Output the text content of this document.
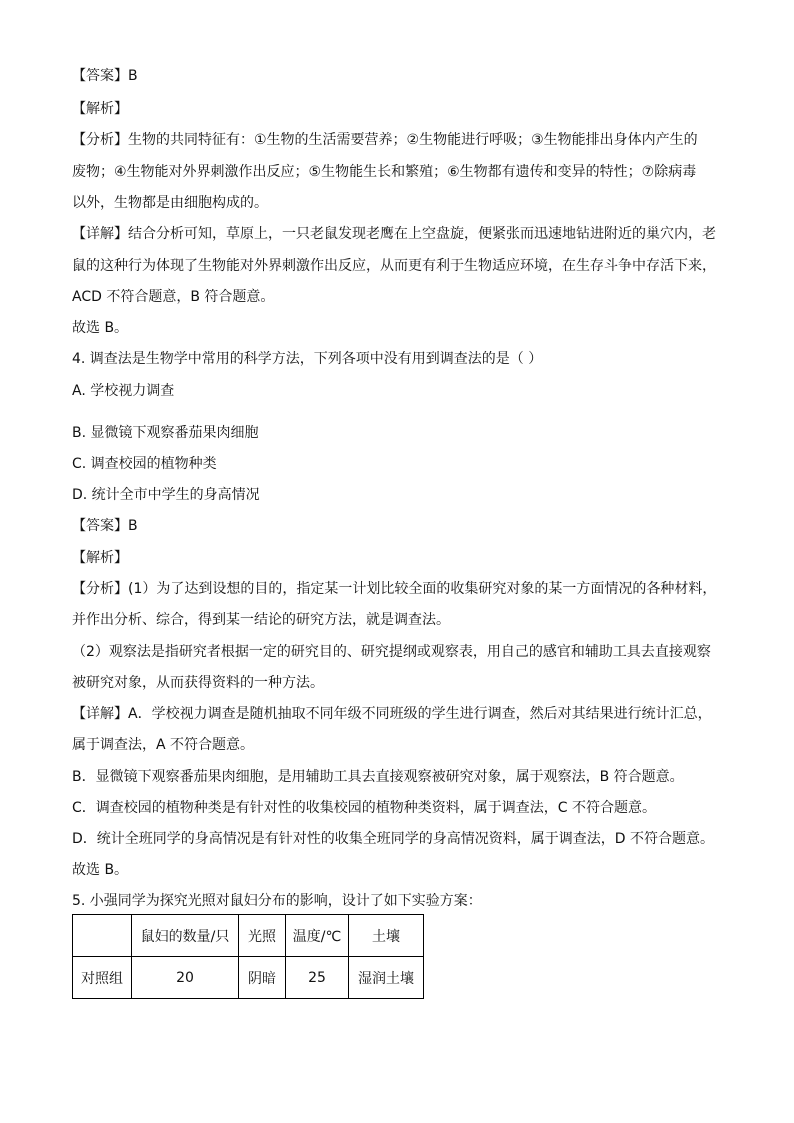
【答案】B
【解析】
【分析】生物的共同特征有：①生物的生活需要营养；②生物能进行呼吸；③生物能排出身体内产生的
废物；④生物能对外界刺激作出反应；⑤生物能生长和繁殖；⑥生物都有遗传和变异的特性；⑦除病毒
以外，生物都是由细胞构成的。
【详解】结合分析可知，草原上，一只老鼠发现老鹰在上空盘旋，便紧张而迅速地钻进附近的巢穴内，老
鼠的这种行为体现了生物能对外界刺激作出反应，从而更有利于生物适应环境，在生存斗争中存活下来，
ACD 不符合题意，B 符合题意。
故选 B。
4. 调查法是生物学中常用的科学方法，下列各项中没有用到调查法的是（ ）
A. 学校视力调查
B. 显微镜下观察番茄果肉细胞
C. 调查校园的植物种类
D. 统计全市中学生的身高情况
【答案】B
【解析】
【分析】(1）为了达到设想的目的，指定某一计划比较全面的收集研究对象的某一方面情况的各种材料，
并作出分析、综合，得到某一结论的研究方法，就是调查法。
（2）观察法是指研究者根据一定的研究目的、研究提纲或观察表，用自己的感官和辅助工具去直接观察
被研究对象，从而获得资料的一种方法。
【详解】A．学校视力调查是随机抽取不同年级不同班级的学生进行调查，然后对其结果进行统计汇总，
属于调查法，A 不符合题意。
B．显微镜下观察番茄果肉细胞，是用辅助工具去直接观察被研究对象，属于观察法，B 符合题意。
C．调查校园的植物种类是有针对性的收集校园的植物种类资料，属于调查法，C 不符合题意。
D．统计全班同学的身高情况是有针对性的收集全班同学的身高情况资料，属于调查法，D 不符合题意。
故选 B。
5. 小强同学为探究光照对鼠妇分布的影响，设计了如下实验方案：
	鼠妇的数量/只	光照	温度/℃	土壤
对照组	20	阴暗	25	湿润土壤
